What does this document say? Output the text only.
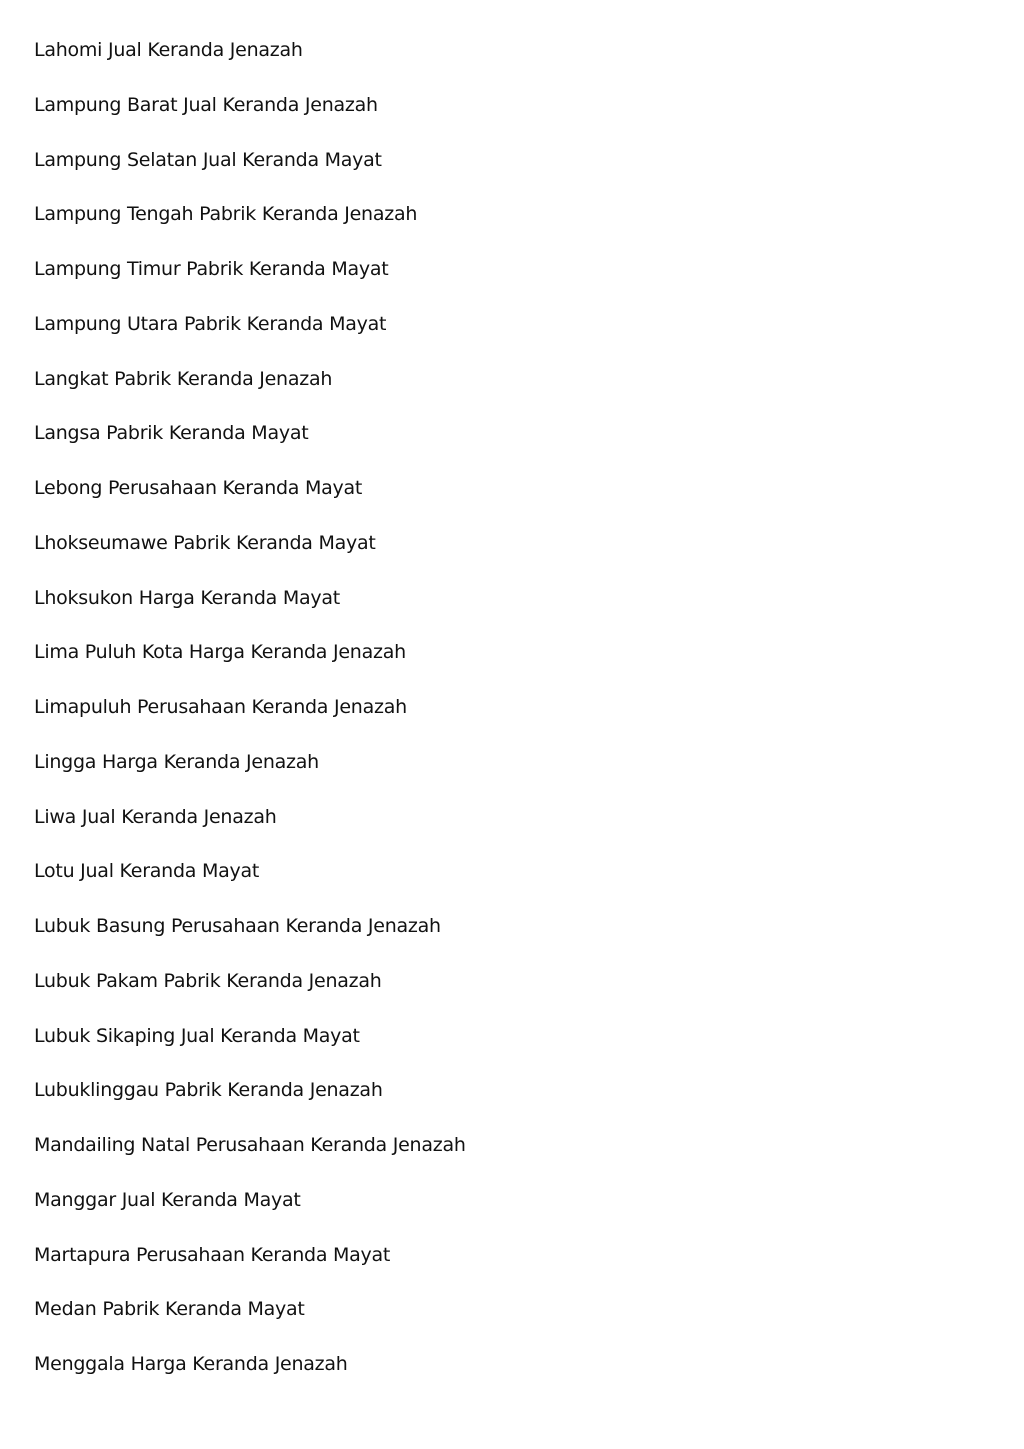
Lahomi Jual Keranda Jenazah
Lampung Barat Jual Keranda Jenazah
Lampung Selatan Jual Keranda Mayat
Lampung Tengah Pabrik Keranda Jenazah
Lampung Timur Pabrik Keranda Mayat
Lampung Utara Pabrik Keranda Mayat
Langkat Pabrik Keranda Jenazah
Langsa Pabrik Keranda Mayat
Lebong Perusahaan Keranda Mayat
Lhokseumawe Pabrik Keranda Mayat
Lhoksukon Harga Keranda Mayat
Lima Puluh Kota Harga Keranda Jenazah
Limapuluh Perusahaan Keranda Jenazah
Lingga Harga Keranda Jenazah
Liwa Jual Keranda Jenazah
Lotu Jual Keranda Mayat
Lubuk Basung Perusahaan Keranda Jenazah
Lubuk Pakam Pabrik Keranda Jenazah
Lubuk Sikaping Jual Keranda Mayat
Lubuklinggau Pabrik Keranda Jenazah
Mandailing Natal Perusahaan Keranda Jenazah
Manggar Jual Keranda Mayat
Martapura Perusahaan Keranda Mayat
Medan Pabrik Keranda Mayat
Menggala Harga Keranda Jenazah
